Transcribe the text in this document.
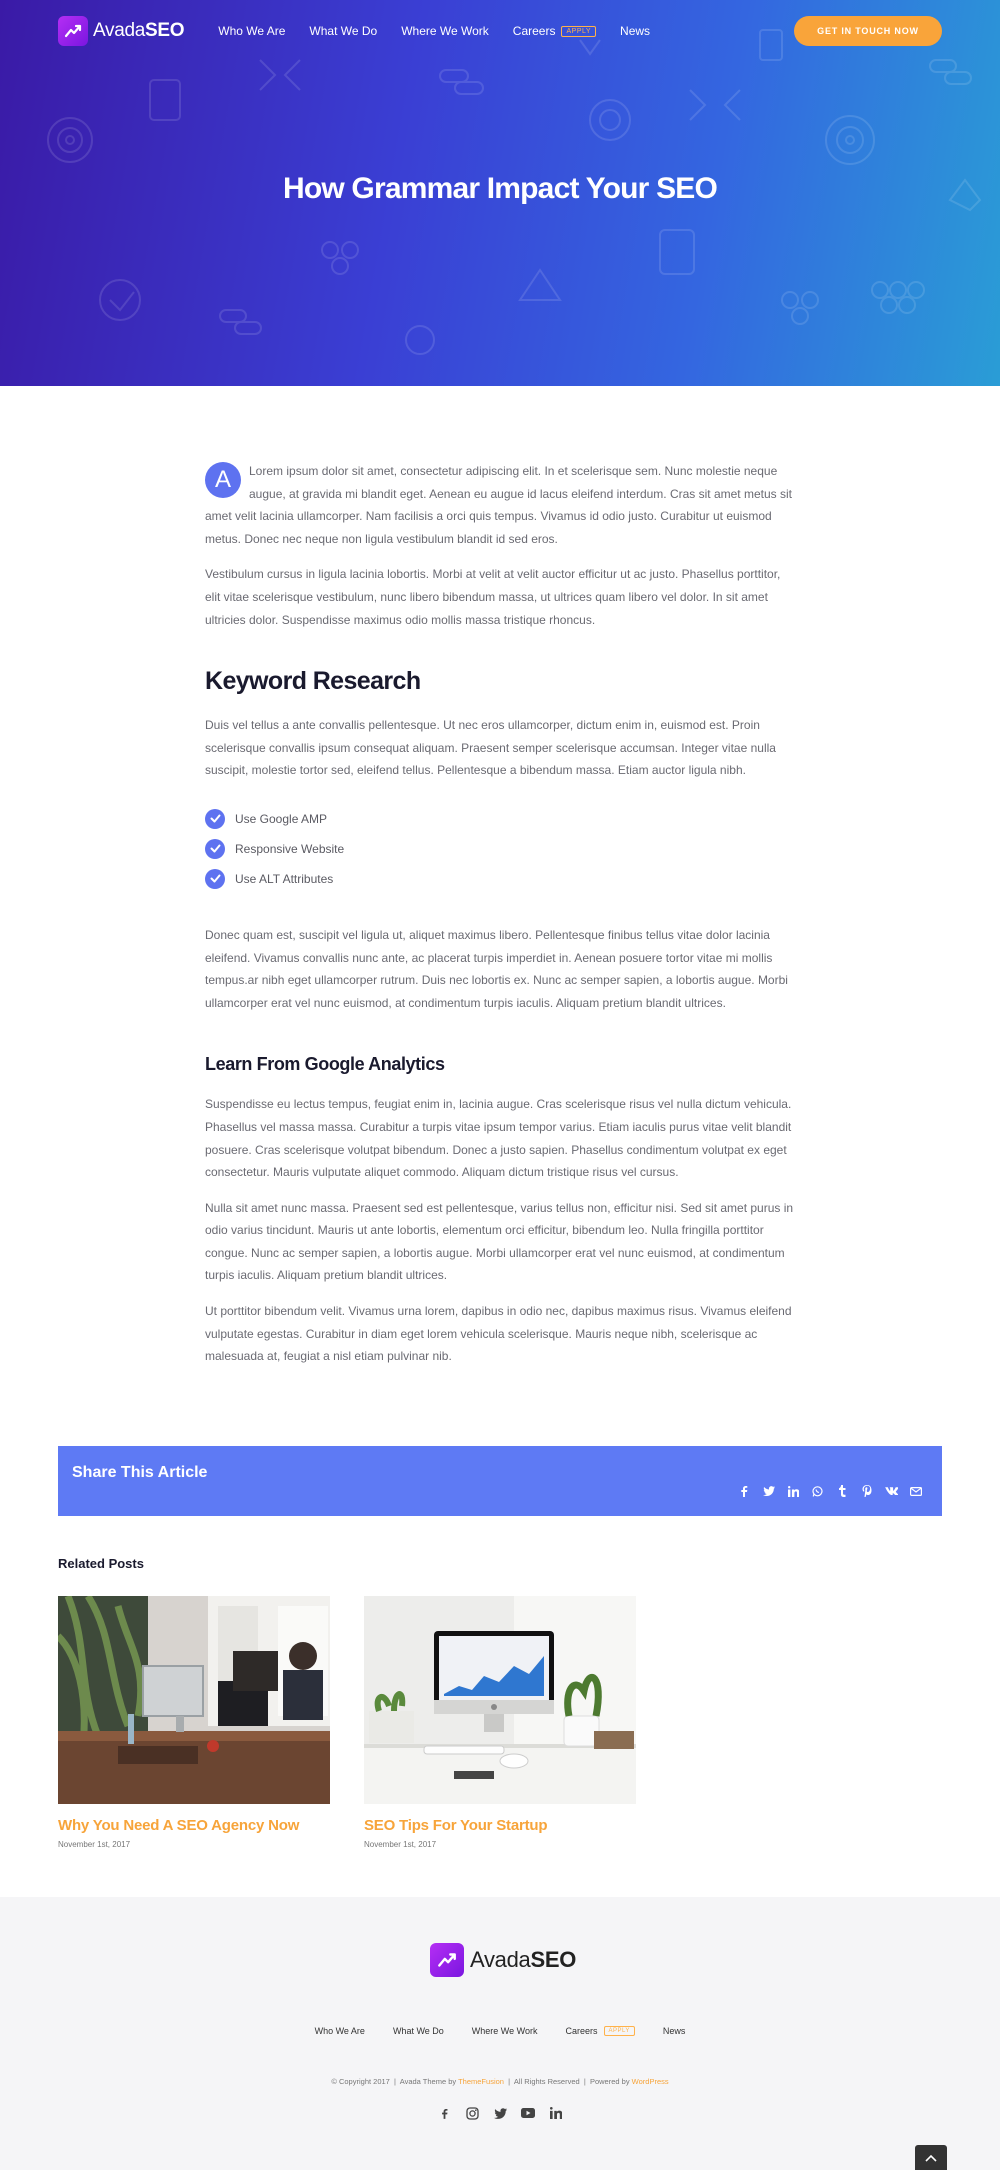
AvadaSEO	Who We Are What We Do Where We Work Careers	APPLY	News	GET IN TOUCH NOW
How Grammar Impact Your SEO

A	Lorem ipsum dolor sit amet, consectetur adipiscing elit. In et scelerisque sem. Nunc molestie neque augue, at gravida mi blandit eget. Aenean eu augue id lacus eleifend interdum. Cras sit amet metus sit amet velit lacinia ullamcorper. Nam facilisis a orci quis tempus. Vivamus id odio justo. Curabitur ut euismod metus. Donec nec neque non ligula vestibulum blandit id sed eros.

Vestibulum cursus in ligula lacinia lobortis. Morbi at velit at velit auctor efficitur ut ac justo. Phasellus porttitor, elit vitae scelerisque vestibulum, nunc libero bibendum massa, ut ultrices quam libero vel dolor. In sit amet ultricies dolor. Suspendisse maximus odio mollis massa tristique rhoncus.

Keyword Research

Duis vel tellus a ante convallis pellentesque. Ut nec eros ullamcorper, dictum enim in, euismod est. Proin scelerisque convallis ipsum consequat aliquam. Praesent semper scelerisque accumsan. Integer vitae nulla suscipit, molestie tortor sed, eleifend tellus. Pellentesque a bibendum massa. Etiam auctor ligula nibh.

Use Google AMP
Responsive Website
Use ALT Attributes

Donec quam est, suscipit vel ligula ut, aliquet maximus libero. Pellentesque finibus tellus vitae dolor lacinia eleifend. Vivamus convallis nunc ante, ac placerat turpis imperdiet in. Aenean posuere tortor vitae mi mollis tempus.ar nibh eget ullamcorper rutrum. Duis nec lobortis ex. Nunc ac semper sapien, a lobortis augue. Morbi ullamcorper erat vel nunc euismod, at condimentum turpis iaculis. Aliquam pretium blandit ultrices.

Learn From Google Analytics

Suspendisse eu lectus tempus, feugiat enim in, lacinia augue. Cras scelerisque risus vel nulla dictum vehicula. Phasellus vel massa massa. Curabitur a turpis vitae ipsum tempor varius. Etiam iaculis purus vitae velit blandit posuere. Cras scelerisque volutpat bibendum. Donec a justo sapien. Phasellus condimentum volutpat ex eget consectetur. Mauris vulputate aliquet commodo. Aliquam dictum tristique risus vel cursus.

Nulla sit amet nunc massa. Praesent sed est pellentesque, varius tellus non, efficitur nisi. Sed sit amet purus in odio varius tincidunt. Mauris ut ante lobortis, elementum orci efficitur, bibendum leo. Nulla fringilla porttitor congue. Nunc ac semper sapien, a lobortis augue. Morbi ullamcorper erat vel nunc euismod, at condimentum turpis iaculis. Aliquam pretium blandit ultrices.

Ut porttitor bibendum velit. Vivamus urna lorem, dapibus in odio nec, dapibus maximus risus. Vivamus eleifend vulputate egestas. Curabitur in diam eget lorem vehicula scelerisque. Mauris neque nibh, scelerisque ac malesuada at, feugiat a nisl etiam pulvinar nib.

Share This Article
Related Posts
Why You Need A SEO Agency Now
November 1st, 2017
SEO Tips For Your Startup
November 1st, 2017
AvadaSEO
Who We Are	What We Do	Where We Work	Careers	APPLY	News
© Copyright 2017  |  Avada Theme by ThemeFusion  |  All Rights Reserved  |  Powered by WordPress
